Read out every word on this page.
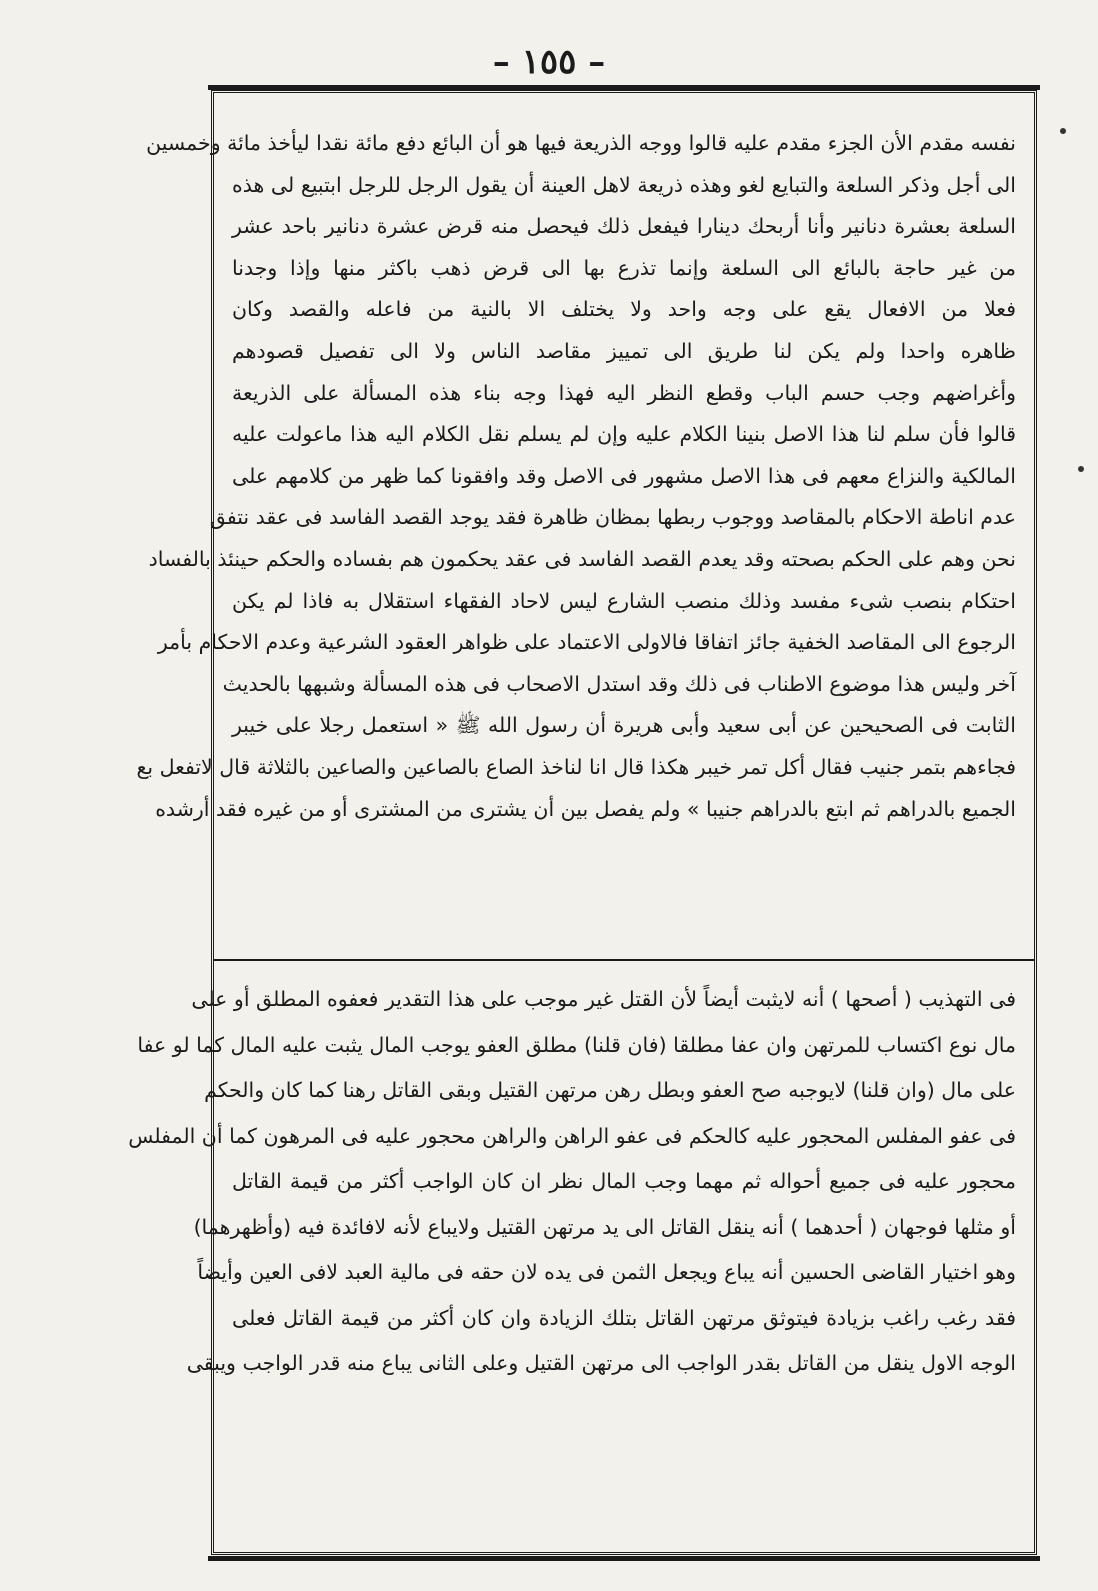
– ١٥٥ –
نفسه مقدم الأن الجزء مقدم عليه قالوا ووجه الذريعة فيها هو أن البائع دفع مائة نقدا ليأخذ مائة وخمسين
الى أجل وذكر السلعة والتبايع لغو وهذه ذريعة لاهل العينة أن يقول الرجل للرجل ابتبيع لى هذه
السلعة بعشرة دنانير وأنا أربحك دينارا فيفعل ذلك فيحصل منه قرض عشرة دنانير باحد عشر
من غير حاجة بالبائع الى السلعة وإنما تذرع بها الى قرض ذهب باكثر منها وإذا وجدنا
فعلا من الافعال يقع على وجه واحد ولا يختلف الا بالنية من فاعله والقصد وكان
ظاهره واحدا ولم يكن لنا طريق الى تمييز مقاصد الناس ولا الى تفصيل قصودهم
وأغراضهم وجب حسم الباب وقطع النظر اليه فهذا وجه بناء هذه المسألة على الذريعة
قالوا فأن سلم لنا هذا الاصل بنينا الكلام عليه وإن لم يسلم نقل الكلام اليه هذا ماعولت عليه
المالكية والنزاع معهم فى هذا الاصل مشهور فى الاصل وقد وافقونا كما ظهر من كلامهم على
عدم اناطة الاحكام بالمقاصد ووجوب ربطها بمظان ظاهرة فقد يوجد القصد الفاسد فى عقد نتفق
نحن وهم على الحكم بصحته وقد يعدم القصد الفاسد فى عقد يحكمون هم بفساده والحكم حينئذ بالفساد
احتكام بنصب شىء مفسد وذلك منصب الشارع ليس لاحاد الفقهاء استقلال به فاذا لم يكن
الرجوع الى المقاصد الخفية جائز اتفاقا فالاولى الاعتماد على ظواهر العقود الشرعية وعدم الاحكام بأمر
آخر وليس هذا موضوع الاطناب فى ذلك وقد استدل الاصحاب فى هذه المسألة وشبهها بالحديث
الثابت فى الصحيحين عن أبى سعيد وأبى هريرة أن رسول الله ﷺ « استعمل رجلا على خيبر
فجاءهم بتمر جنيب فقال أكل تمر خيبر هكذا قال انا لناخذ الصاع بالصاعين والصاعين بالثلاثة قال لاتفعل بع
الجميع بالدراهم ثم ابتع بالدراهم جنيبا » ولم يفصل بين أن يشترى من المشترى أو من غيره فقد أرشده
فى التهذيب ( أصحها ) أنه لايثبت أيضاً لأن القتل غير موجب على هذا التقدير فعفوه المطلق أو على
مال نوع اكتساب للمرتهن وان عفا مطلقا (فان قلنا) مطلق العفو يوجب المال يثبت عليه المال كما لو عفا
على مال (وان قلنا) لايوجبه صح العفو وبطل رهن مرتهن القتيل وبقى القاتل رهنا كما كان والحكم
فى عفو المفلس المحجور عليه كالحكم فى عفو الراهن والراهن محجور عليه فى المرهون كما أن المفلس
محجور عليه فى جميع أحواله ثم مهما وجب المال نظر ان كان الواجب أكثر من قيمة القاتل
أو مثلها فوجهان ( أحدهما ) أنه ينقل القاتل الى يد مرتهن القتيل ولايباع لأنه لافائدة فيه (وأظهرهما)
وهو اختيار القاضى الحسين أنه يباع ويجعل الثمن فى يده لان حقه فى مالية العبد لافى العين وأيضاً
فقد رغب راغب بزيادة فيتوثق مرتهن القاتل بتلك الزيادة وان كان أكثر من قيمة القاتل فعلى
الوجه الاول ينقل من القاتل بقدر الواجب الى مرتهن القتيل وعلى الثانى يباع منه قدر الواجب ويبقى
